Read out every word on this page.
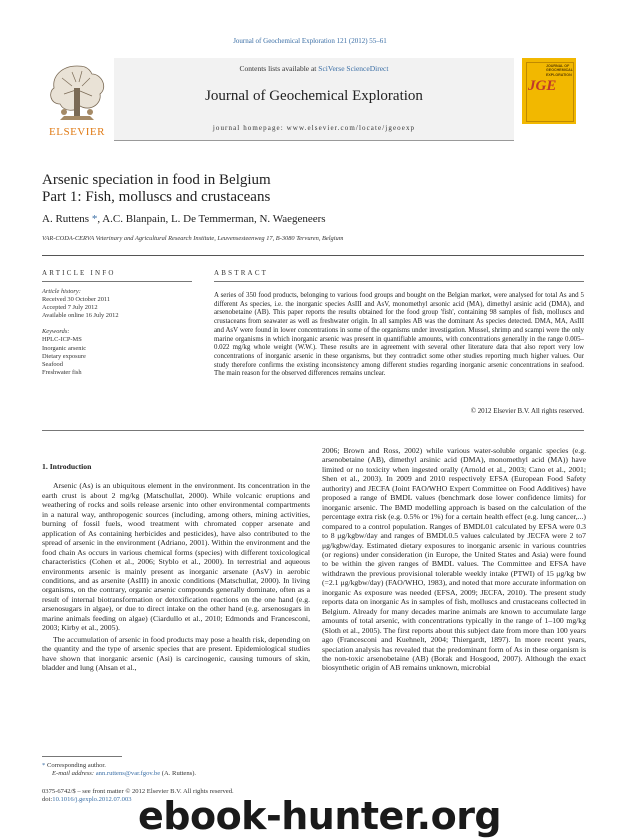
Journal of Geochemical Exploration 121 (2012) 55–61
ELSEVIER
Contents lists available at SciVerse ScienceDirect
Journal of Geochemical Exploration
journal homepage: www.elsevier.com/locate/jgeoexp
JGE
JOURNAL OF GEOCHEMICAL EXPLORATION
Arsenic speciation in food in Belgium
Part 1: Fish, molluscs and crustaceans
A. Ruttens *, A.C. Blanpain, L. De Temmerman, N. Waegeneers
VAR-CODA-CERVA Veterinary and Agricultural Research Institute, Leuvensesteenweg 17, B-3080 Tervuren, Belgium
ARTICLE INFO	ABSTRACT
Article history:
Received 30 October 2011
Accepted 7 July 2012
Available online 16 July 2012
Keywords:
HPLC-ICP-MS
Inorganic arsenic
Dietary exposure
Seafood
Freshwater fish
A series of 350 food products, belonging to various food groups and bought on the Belgian market, were analysed for total As and 5 different As species, i.e. the inorganic species AsIII and AsV, monomethyl arsonic acid (MA), dimethyl arsinic acid (DMA), and arsenobetaine (AB). This paper reports the results obtained for the food group 'fish', containing 98 samples of fish, molluscs and crustaceans from seawater as well as freshwater origin. In all samples AB was the dominant As species detected. DMA, MA, AsIII and AsV were found in lower concentrations in some of the organisms under investigation. Mussel, shrimp and scampi were the only marine organisms in which inorganic arsenic was present in quantifiable amounts, with concentrations generally in the range 0.005–0.022 mg/kg whole weight (W.W.). These results are in agreement with several other literature data that also report very low concentrations of inorganic arsenic in these organisms, but they contradict some other studies reporting much higher values. Our study therefore confirms the existing inconsistency among different studies regarding inorganic arsenic concentrations in seafood. The main reason for the observed differences remains unclear.
© 2012 Elsevier B.V. All rights reserved.
1. Introduction

Arsenic (As) is an ubiquitous element in the environment. Its concentration in the earth crust is about 2 mg/kg (Matschullat, 2000). While volcanic eruptions and weathering of rocks and soils release arsenic into other environmental compartments in a natural way, anthropogenic sources (including, among others, mining activities, burning of fossil fuels, wood treatment with chromated copper arsenate and application of As containing herbicides and pesticides), have also contributed to the spread of arsenic in the environment (Adriano, 2001). Within the environment and the food chain As occurs in various chemical forms (species) with different toxicological characteristics (Cohen et al., 2006; Styblo et al., 2000). In terrestrial and aqueous environments arsenic is mainly present as inorganic arsenate (AsV) in aerobic conditions, and as arsenite (AsIII) in anoxic conditions (Matschullat, 2000). In living organisms, on the contrary, organic arsenic compounds generally dominate, often as a result of internal biotransformation or detoxification reactions on the one hand (e.g. arsenosugars in algae), or due to direct intake on the other hand (e.g. arsenosugars in marine animals feeding on algae) (Ciardullo et al., 2010; Edmonds and Francesconi, 2003; Kirby et al., 2005).

The accumulation of arsenic in food products may pose a health risk, depending on the quantity and the type of arsenic species that are present. Epidemiological studies have shown that inorganic arsenic (Asi) is carcinogenic, causing tumours of skin, bladder and lung (Ahsan et al.,

2006; Brown and Ross, 2002) while various water-soluble organic species (e.g. arsenobetaine (AB), dimethyl arsinic acid (DMA), monomethyl acid (MA)) have limited or no toxicity when ingested orally (Arnold et al., 2003; Cano et al., 2001; Shen et al., 2003). In 2009 and 2010 respectively EFSA (European Food Safety authority) and JECFA (Joint FAO/WHO Expert Committee on Food Additives) have proposed a range of BMDL values (benchmark dose lower confidence limits) for inorganic arsenic. The BMD modelling approach is based on the calculation of the percentage extra risk (e.g. 0.5% or 1%) for a certain health effect (e.g. lung cancer,...) compared to a control population. Ranges of BMDL01 calculated by EFSA were 0.3 to 8 μg/kgbw/day and ranges of BMDL0.5 values calculated by JECFA were 2 to7 μg/kgbw/day. Estimated dietary exposures to inorganic arsenic in various countries (or regions) under consideration (in Europe, the United States and Asia) were found to be within the given ranges of BMDL values. The Committee and EFSA have withdrawn the previous provisional tolerable weekly intake (PTWI) of 15 μg/kg bw (=2.1 μg/kgbw/day) (FAO/WHO, 1983), and noted that more accurate information on inorganic As exposure was needed (EFSA, 2009; JECFA, 2010). The present study reports data on inorganic As in samples of fish, molluscs and crustaceans collected in Belgium. Already for many decades marine animals are known to accumulate large amounts of total arsenic, with concentrations typically in the range of 1–100 mg/kg (Sloth et al., 2005). The first reports about this subject date from more than 100 years ago (Francesconi and Kuehnelt, 2004; Thiergardt, 1897). In more recent years, speciation analysis has revealed that the predominant form of As in these organism is the non-toxic arsenobetaine (AB) (Borak and Hosgood, 2007). Although the exact biosynthetic origin of AB remains unknown, microbial

* Corresponding author.
E-mail address: ann.ruttens@var.fgov.be (A. Ruttens).
0375-6742/$ – see front matter © 2012 Elsevier B.V. All rights reserved.
doi:10.1016/j.gexplo.2012.07.003 ebook-hunter.org
